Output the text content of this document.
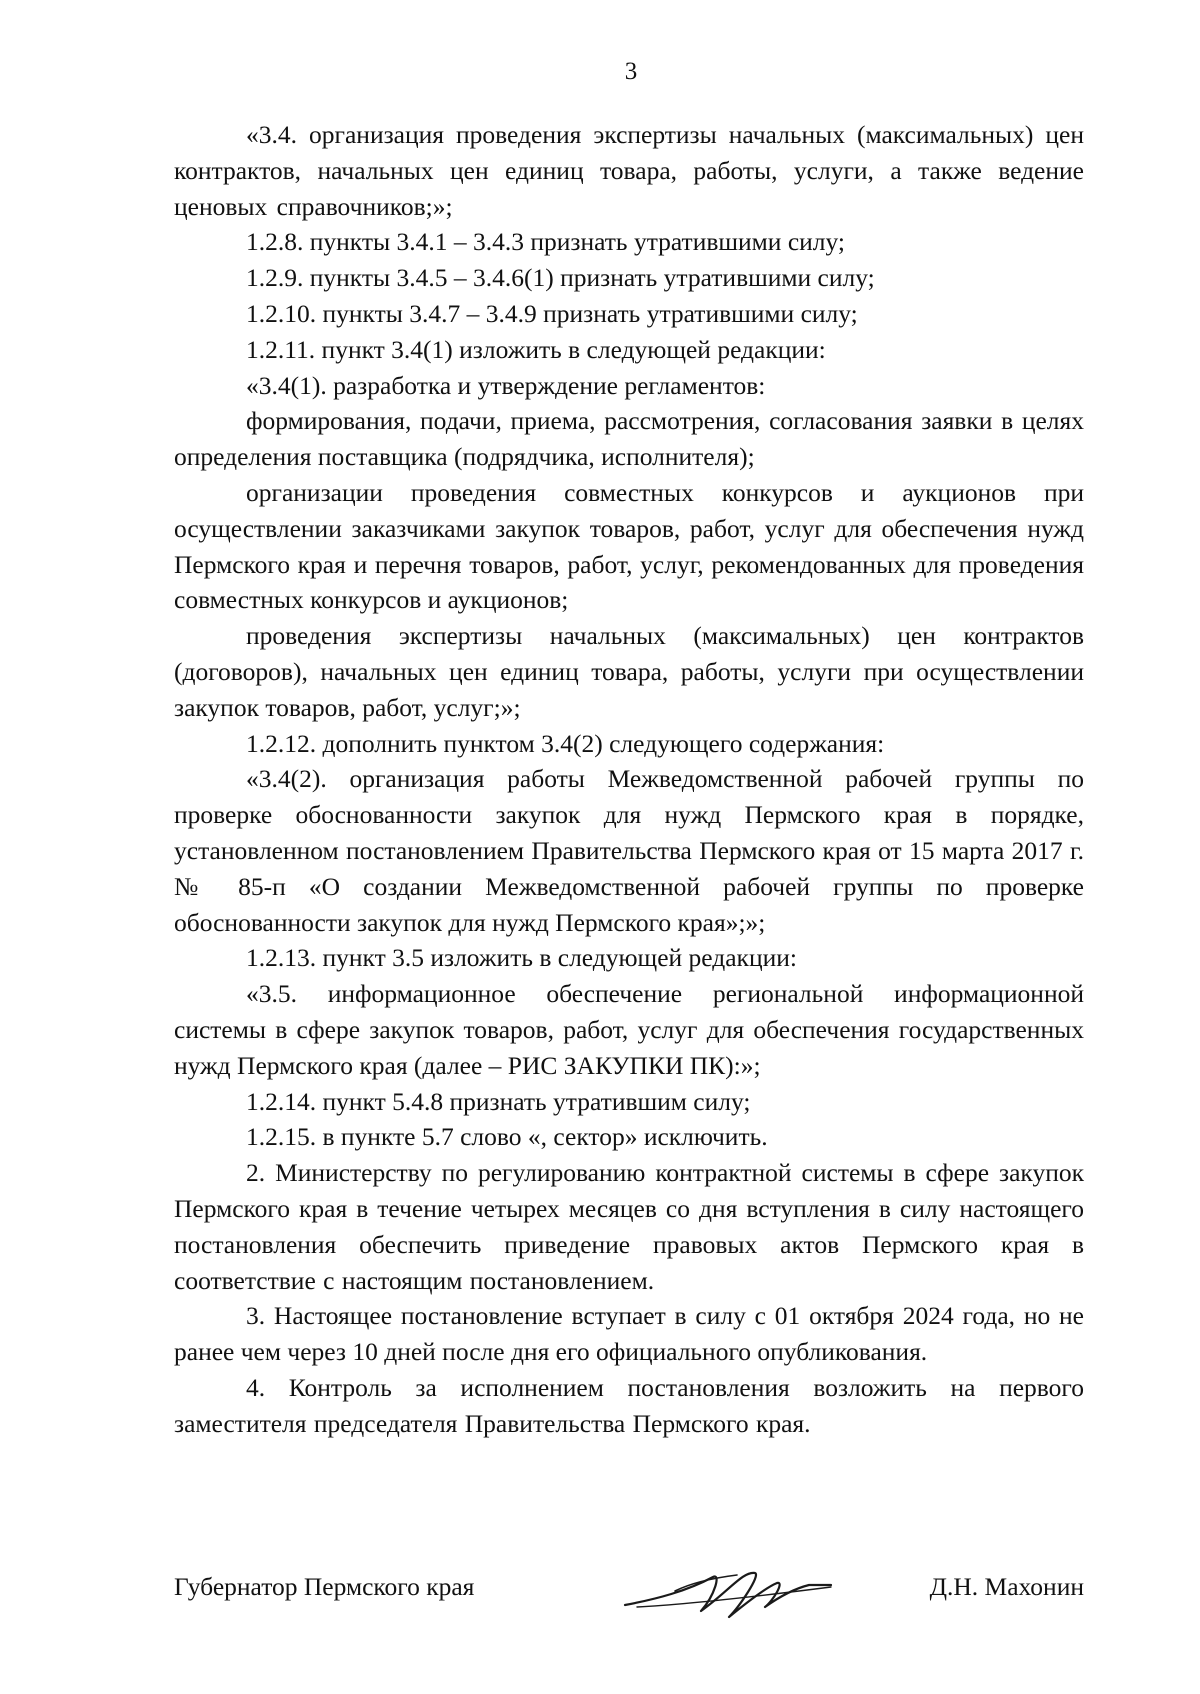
3

«3.4. организация проведения экспертизы начальных (максимальных) цен контрактов, начальных цен единиц товара, работы, услуги, а также ведение ценовых справочников;»;

1.2.8. пункты 3.4.1 – 3.4.3 признать утратившими силу;

1.2.9. пункты 3.4.5 – 3.4.6(1) признать утратившими силу;

1.2.10. пункты 3.4.7 – 3.4.9 признать утратившими силу;

1.2.11. пункт 3.4(1) изложить в следующей редакции:

«3.4(1). разработка и утверждение регламентов:

формирования, подачи, приема, рассмотрения, согласования заявки в целях определения поставщика (подрядчика, исполнителя);

организации проведения совместных конкурсов и аукционов при осуществлении заказчиками закупок товаров, работ, услуг для обеспечения нужд Пермского края и перечня товаров, работ, услуг, рекомендованных для проведения совместных конкурсов и аукционов;

проведения экспертизы начальных (максимальных) цен контрактов (договоров), начальных цен единиц товара, работы, услуги при осуществлении закупок товаров, работ, услуг;»;

1.2.12. дополнить пунктом 3.4(2) следующего содержания:

«3.4(2). организация работы Межведомственной рабочей группы по проверке обоснованности закупок для нужд Пермского края в порядке, установленном постановлением Правительства Пермского края от 15 марта 2017 г. № 85-п «О создании Межведомственной рабочей группы по проверке обоснованности закупок для нужд Пермского края»;»;

1.2.13. пункт 3.5 изложить в следующей редакции:

«3.5. информационное обеспечение региональной информационной системы в сфере закупок товаров, работ, услуг для обеспечения государственных нужд Пермского края (далее – РИС ЗАКУПКИ ПК):»;

1.2.14. пункт 5.4.8 признать утратившим силу;

1.2.15. в пункте 5.7 слово «, сектор» исключить.

2. Министерству по регулированию контрактной системы в сфере закупок Пермского края в течение четырех месяцев со дня вступления в силу настоящего постановления обеспечить приведение правовых актов Пермского края в соответствие с настоящим постановлением.

3. Настоящее постановление вступает в силу с 01 октября 2024 года, но не ранее чем через 10 дней после дня его официального опубликования.

4. Контроль за исполнением постановления возложить на первого заместителя председателя Правительства Пермского края.

Губернатор Пермского края	Д.Н. Махонин
